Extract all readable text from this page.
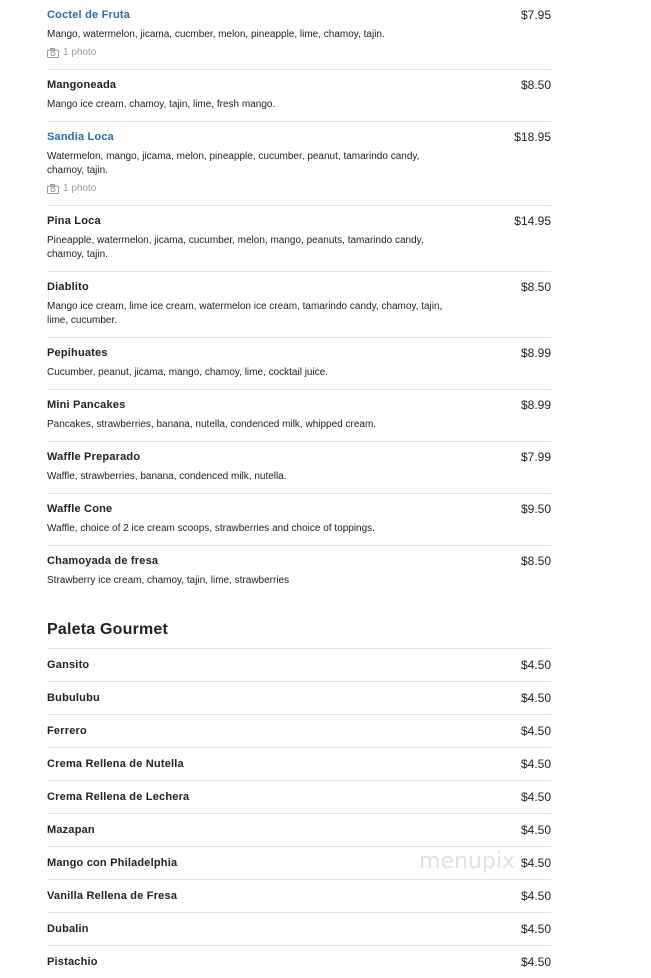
Coctel de Fruta	$7.95
Mango, watermelon, jicama, cucmber, melon, pineapple, lime, chamoy, tajin.
1 photo
Mangoneada	$8.50
Mango ice cream, chamoy, tajin, lime, fresh mango.
Sandia Loca	$18.95
Watermelon, mango, jicama, melon, pineapple, cucumber, peanut, tamarindo candy, chamoy, tajin.
1 photo
Pina Loca	$14.95
Pineapple, watermelon, jicama, cucumber, melon, mango, peanuts, tamarindo candy, chamoy, tajin.
Diablito	$8.50
Mango ice cream, lime ice cream, watermelon ice cream, tamarindo candy, chamoy, tajin, lime, cucumber.
Pepihuates	$8.99
Cucumber, peanut, jicama, mango, chamoy, lime, cocktail juice.
Mini Pancakes	$8.99
Pancakes, strawberries, banana, nutella, condenced milk, whipped cream.
Waffle Preparado	$7.99
Waffle, strawberries, banana, condenced milk, nutella.
Waffle Cone	$9.50
Waffle, choice of 2 ice cream scoops, strawberries and choice of toppings.
Chamoyada de fresa	$8.50
Strawberry ice cream, chamoy, tajin, lime, strawberries
Paleta Gourmet
Gansito	$4.50
Bubulubu	$4.50
Ferrero	$4.50
Crema Rellena de Nutella	$4.50
Crema Rellena de Lechera	$4.50
Mazapan	$4.50
Mango con Philadelphia	$4.50
Vanilla Rellena de Fresa	$4.50
Dubalin	$4.50
Pistachio	$4.50
menupix
